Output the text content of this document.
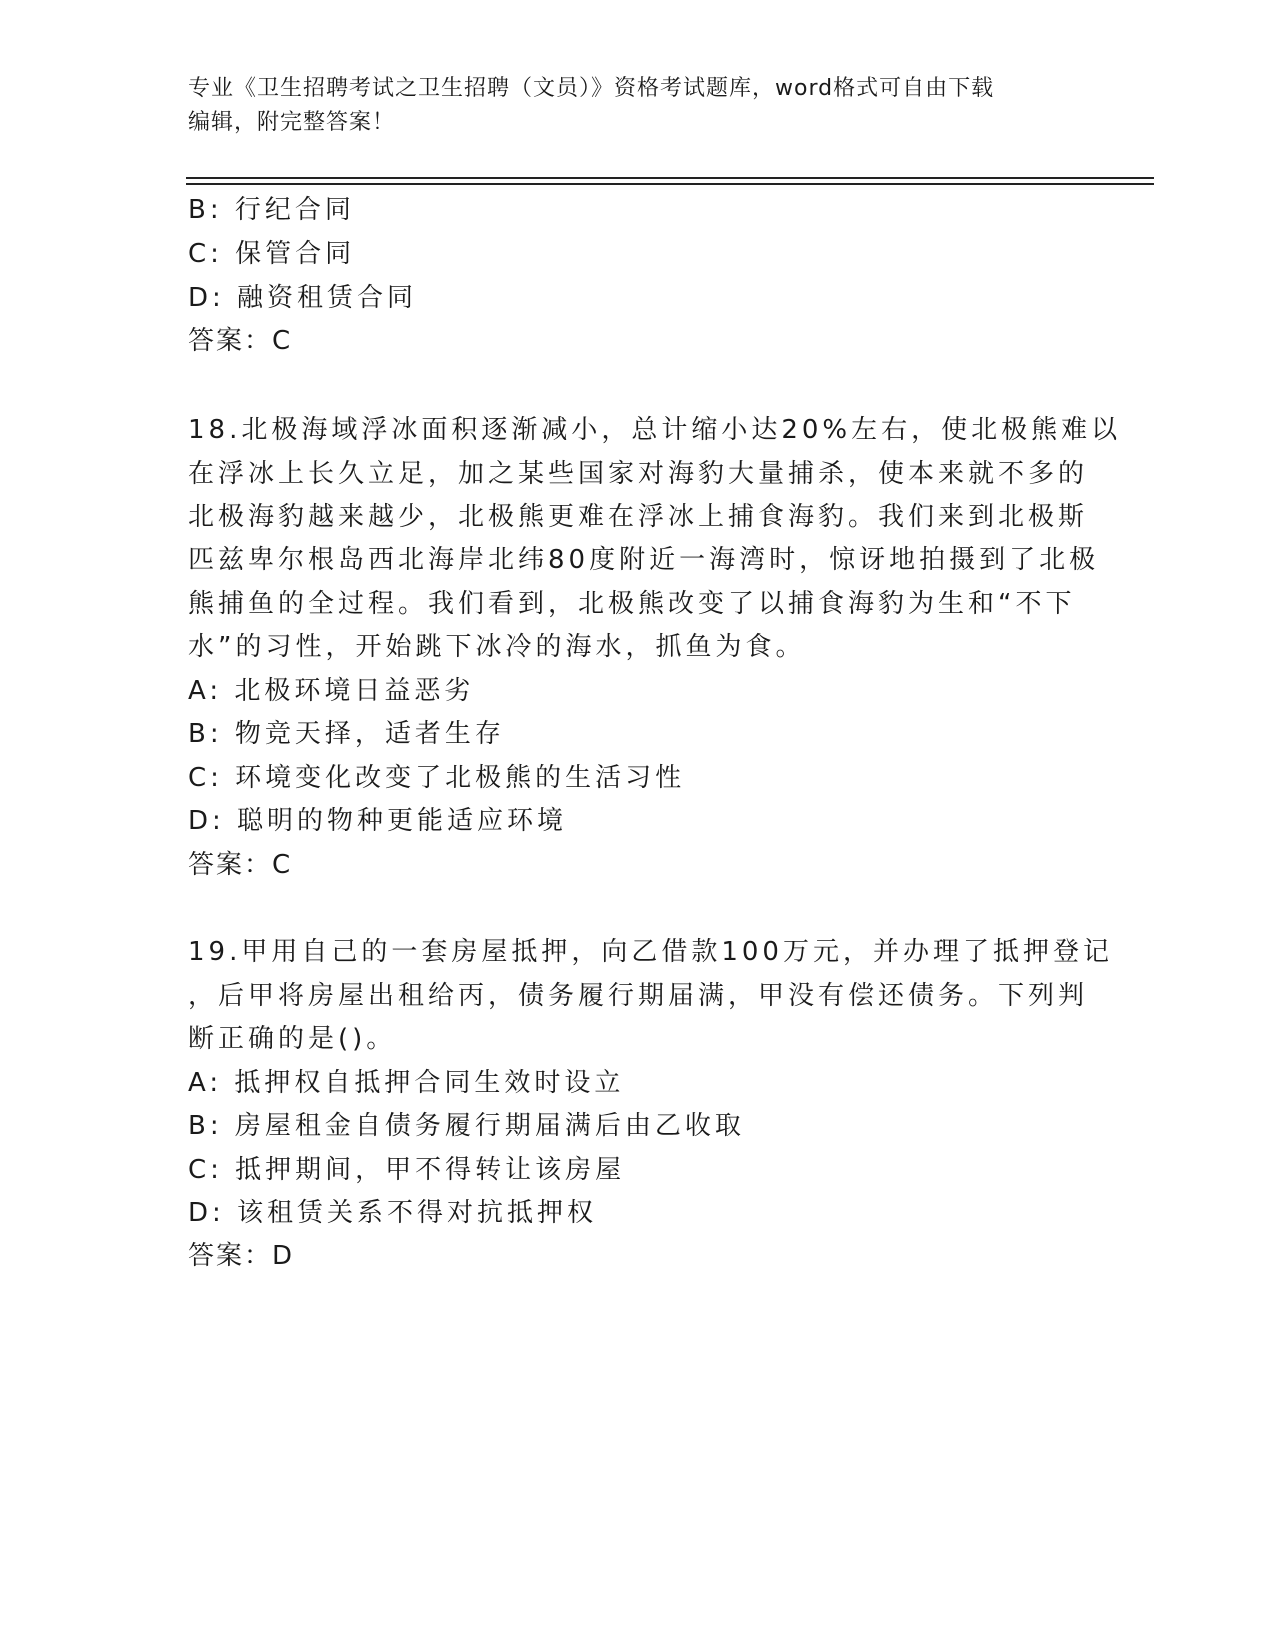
专业《卫生招聘考试之卫生招聘（文员）》资格考试题库，word格式可自由下载
编辑，附完整答案！
B: 行纪合同
C: 保管合同
D: 融资租赁合同
答案：C
18.北极海域浮冰面积逐渐减小，总计缩小达20%左右，使北极熊难以
在浮冰上长久立足，加之某些国家对海豹大量捕杀，使本来就不多的
北极海豹越来越少，北极熊更难在浮冰上捕食海豹。我们来到北极斯
匹兹卑尔根岛西北海岸北纬80度附近一海湾时，惊讶地拍摄到了北极
熊捕鱼的全过程。我们看到，北极熊改变了以捕食海豹为生和“不下
水”的习性，开始跳下冰冷的海水，抓鱼为食。
A: 北极环境日益恶劣
B: 物竞天择，适者生存
C: 环境变化改变了北极熊的生活习性
D: 聪明的物种更能适应环境
答案：C
19.甲用自己的一套房屋抵押，向乙借款100万元，并办理了抵押登记
，后甲将房屋出租给丙，债务履行期届满，甲没有偿还债务。下列判
断正确的是()。
A: 抵押权自抵押合同生效时设立
B: 房屋租金自债务履行期届满后由乙收取
C: 抵押期间，甲不得转让该房屋
D: 该租赁关系不得对抗抵押权
答案：D
